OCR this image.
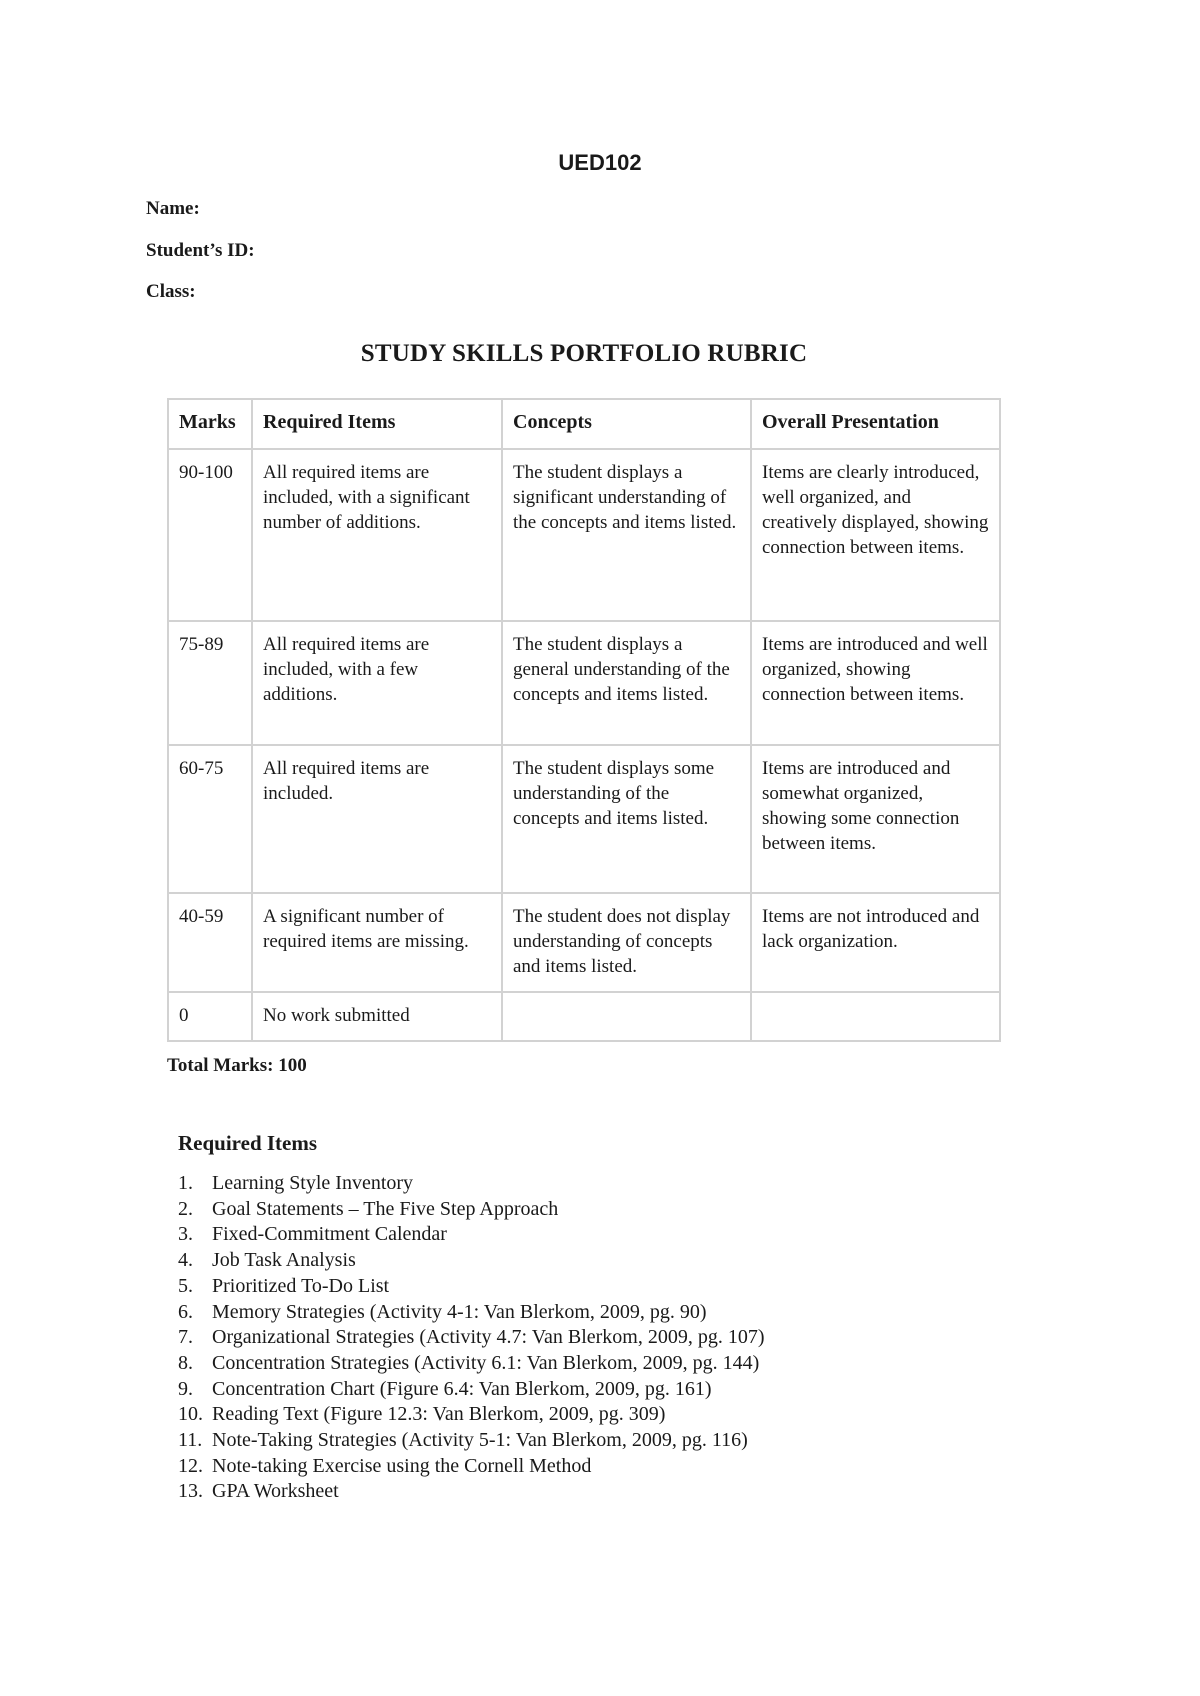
UED102
Name:
Student’s ID:
Class:
STUDY SKILLS PORTFOLIO RUBRIC
Marks	Required Items	Concepts	Overall Presentation
90-100	All required items are included, with a significant number of additions.	The student displays a significant understanding of the concepts and items listed.	Items are clearly introduced, well organized, and creatively displayed, showing connection between items.
75-89	All required items are included, with a few additions.	The student displays a general understanding of the concepts and items listed.	Items are introduced and well organized, showing connection between items.
60-75	All required items are included.	The student displays some understanding of the concepts and items listed.	Items are introduced and somewhat organized, showing some connection between items.
40-59	A significant number of required items are missing.	The student does not display understanding of concepts and items listed.	Items are not introduced and lack organization.
0	No work submitted		
Total Marks: 100
Required Items
1. Learning Style Inventory
2. Goal Statements – The Five Step Approach
3. Fixed-Commitment Calendar
4. Job Task Analysis
5. Prioritized To-Do List
6. Memory Strategies (Activity 4-1: Van Blerkom, 2009, pg. 90)
7. Organizational Strategies (Activity 4.7: Van Blerkom, 2009, pg. 107)
8. Concentration Strategies (Activity 6.1: Van Blerkom, 2009, pg. 144)
9. Concentration Chart (Figure 6.4: Van Blerkom, 2009, pg. 161)
10. Reading Text (Figure 12.3: Van Blerkom, 2009, pg. 309)
11. Note-Taking Strategies (Activity 5-1: Van Blerkom, 2009, pg. 116)
12. Note-taking Exercise using the Cornell Method
13. GPA Worksheet
